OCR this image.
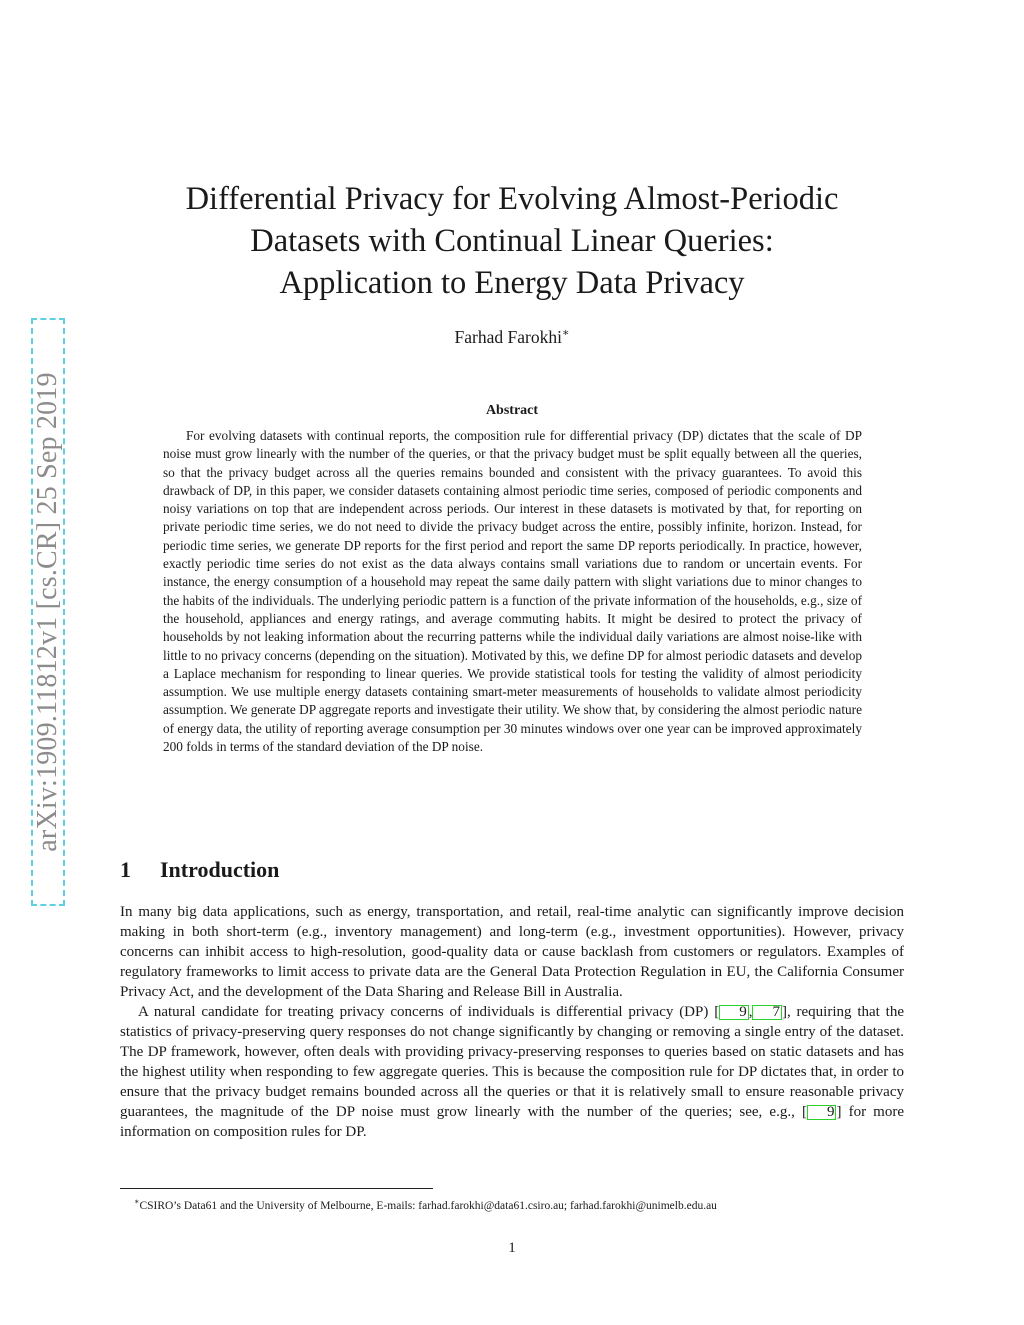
arXiv:1909.11812v1 [cs.CR] 25 Sep 2019
Differential Privacy for Evolving Almost-Periodic
Datasets with Continual Linear Queries:
Application to Energy Data Privacy
Farhad Farokhi∗
Abstract

For evolving datasets with continual reports, the composition rule for differential privacy (DP) dictates that the scale of DP noise must grow linearly with the number of the queries, or that the privacy budget must be split equally between all the queries, so that the privacy budget across all the queries remains bounded and consistent with the privacy guarantees. To avoid this drawback of DP, in this paper, we consider datasets containing almost periodic time series, composed of periodic components and noisy variations on top that are independent across periods. Our interest in these datasets is motivated by that, for reporting on private periodic time series, we do not need to divide the privacy budget across the entire, possibly infinite, horizon. Instead, for periodic time series, we generate DP reports for the first period and report the same DP reports periodically. In practice, however, exactly periodic time series do not exist as the data always contains small variations due to random or uncertain events. For instance, the energy consumption of a household may repeat the same daily pattern with slight variations due to minor changes to the habits of the individuals. The underlying periodic pattern is a function of the private information of the households, e.g., size of the household, appliances and energy ratings, and average commuting habits. It might be desired to protect the privacy of households by not leaking information about the recurring patterns while the individual daily variations are almost noise-like with little to no privacy concerns (depending on the situation). Motivated by this, we define DP for almost periodic datasets and develop a Laplace mechanism for responding to linear queries. We provide statistical tools for testing the validity of almost periodicity assumption. We use multiple energy datasets containing smart-meter measurements of households to validate almost periodicity assumption. We generate DP aggregate reports and investigate their utility. We show that, by considering the almost periodic nature of energy data, the utility of reporting average consumption per 30 minutes windows over one year can be improved approximately 200 folds in terms of the standard deviation of the DP noise.

1 Introduction

In many big data applications, such as energy, transportation, and retail, real-time analytic can significantly improve decision making in both short-term (e.g., inventory management) and long-term (e.g., investment opportunities). However, privacy concerns can inhibit access to high-resolution, good-quality data or cause backlash from customers or regulators. Examples of regulatory frameworks to limit access to private data are the General Data Protection Regulation in EU, the California Consumer Privacy Act, and the development of the Data Sharing and Release Bill in Australia.

A natural candidate for treating privacy concerns of individuals is differential privacy (DP) [ 9 , 7 ], requiring that the statistics of privacy-preserving query responses do not change significantly by changing or removing a single entry of the dataset. The DP framework, however, often deals with providing privacy-preserving responses to queries based on static datasets and has the highest utility when responding to few aggregate queries. This is because the composition rule for DP dictates that, in order to ensure that the privacy budget remains bounded across all the queries or that it is relatively small to ensure reasonable privacy guarantees, the magnitude of the DP noise must grow linearly with the number of the queries; see, e.g., [ 9 ] for more information on composition rules for DP.

∗CSIRO’s Data61 and the University of Melbourne, E-mails: farhad.farokhi@data61.csiro.au; farhad.farokhi@unimelb.edu.au
1
